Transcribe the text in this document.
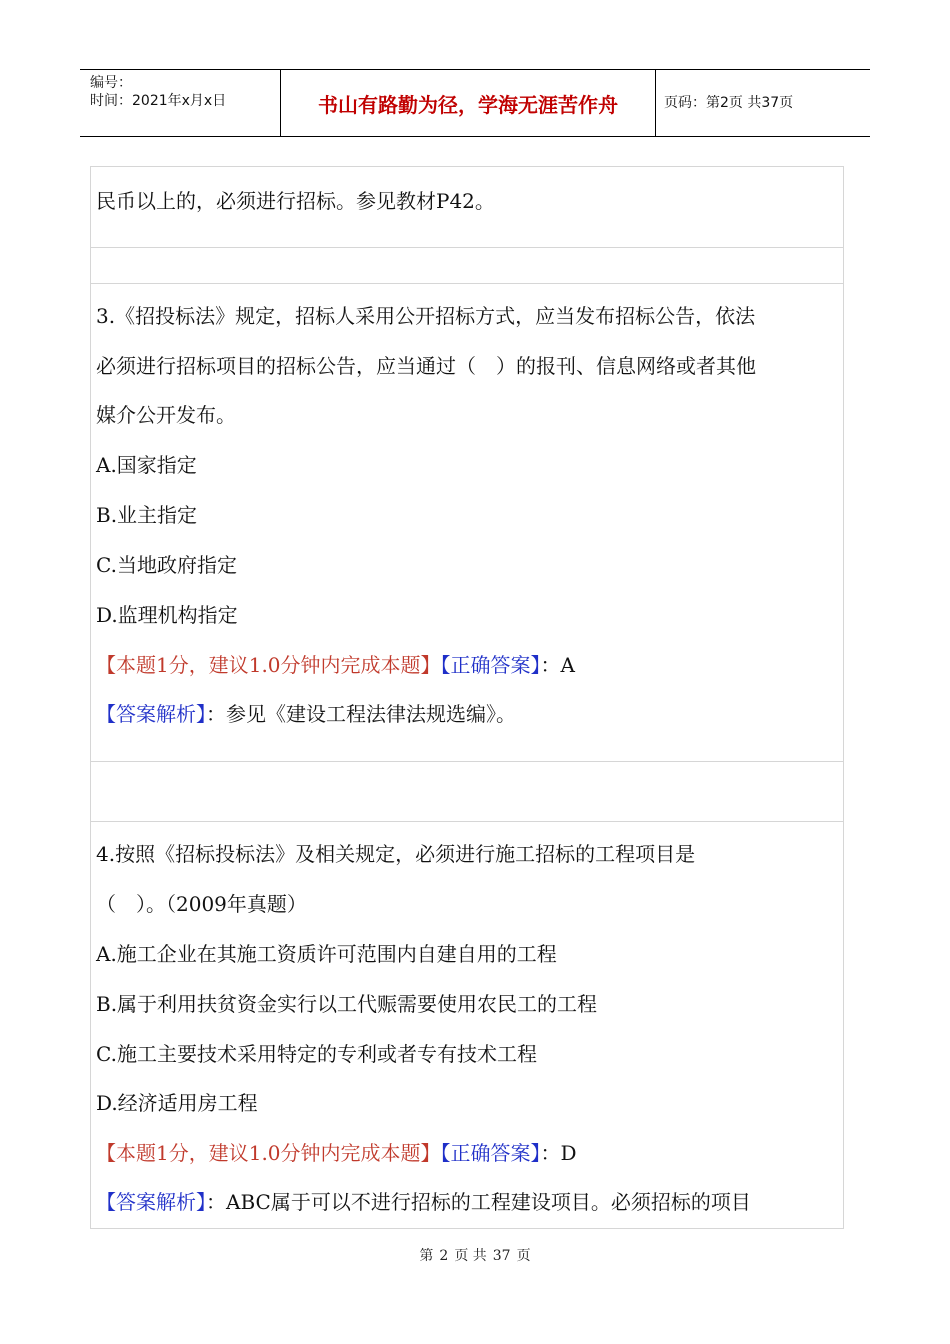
编号：
时间：2021年x月x日	书山有路勤为径，学海无涯苦作舟	页码：第2页 共37页
民币以上的，必须进行招标。参见教材P42。
3.《招投标法》规定，招标人采用公开招标方式，应当发布招标公告，依法
必须进行招标项目的招标公告，应当通过（　）的报刊、信息网络或者其他
媒介公开发布。
A.国家指定
B.业主指定
C.当地政府指定
D.监理机构指定
【本题1分，建议1.0分钟内完成本题】【正确答案】：A
【答案解析】：参见《建设工程法律法规选编》。
4.按照《招标投标法》及相关规定，必须进行施工招标的工程项目是
（　）。（2009年真题）
A.施工企业在其施工资质许可范围内自建自用的工程
B.属于利用扶贫资金实行以工代赈需要使用农民工的工程
C.施工主要技术采用特定的专利或者专有技术工程
D.经济适用房工程
【本题1分，建议1.0分钟内完成本题】【正确答案】：D
【答案解析】：ABC属于可以不进行招标的工程建设项目。必须招标的项目
第 2 页 共 37 页
